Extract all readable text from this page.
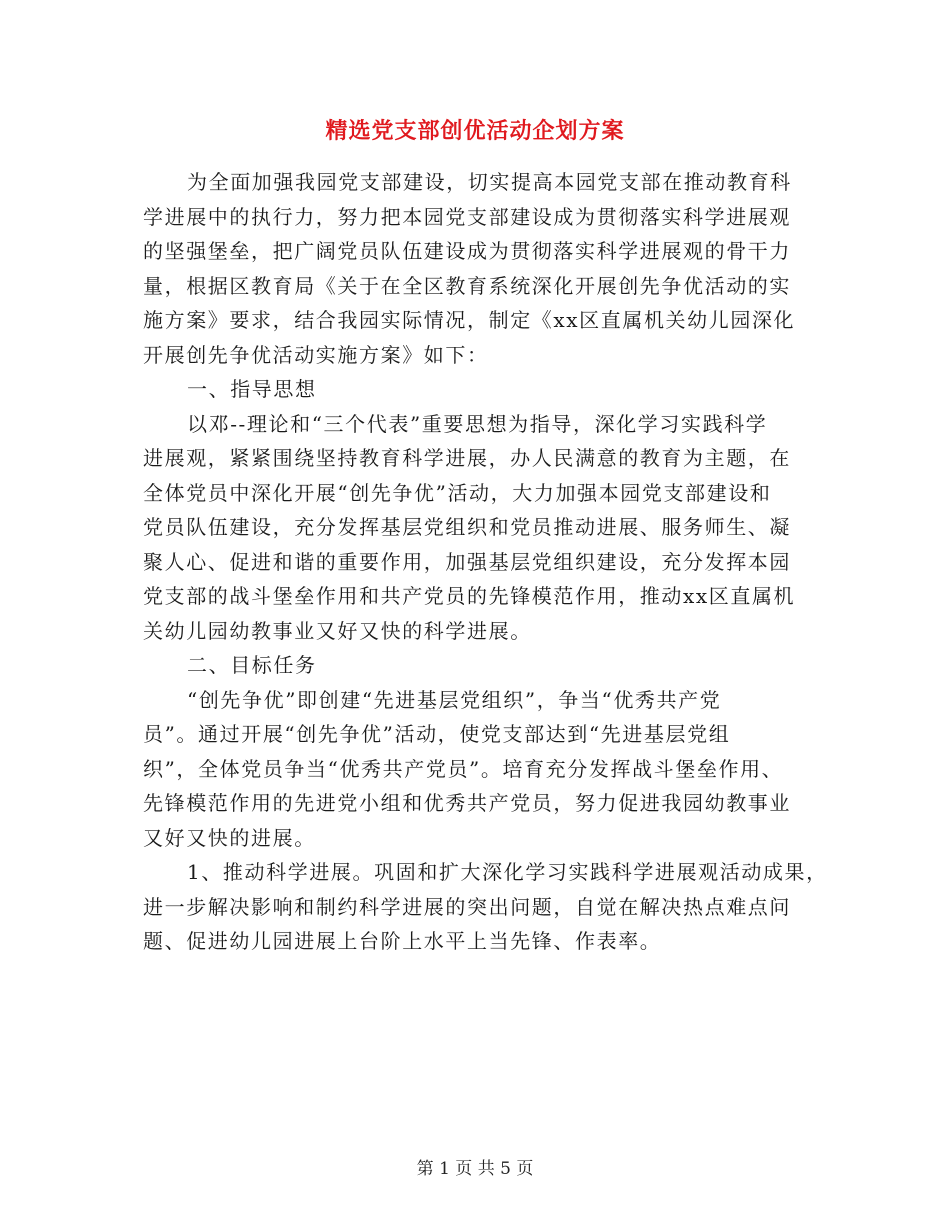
精选党支部创优活动企划方案
为全面加强我园党支部建设，切实提高本园党支部在推动教育科
学进展中的执行力，努力把本园党支部建设成为贯彻落实科学进展观
的坚强堡垒，把广阔党员队伍建设成为贯彻落实科学进展观的骨干力
量，根据区教育局《关于在全区教育系统深化开展创先争优活动的实
施方案》要求，结合我园实际情况，制定《xx区直属机关幼儿园深化
开展创先争优活动实施方案》如下：
一、指导思想
以邓--理论和“三个代表”重要思想为指导，深化学习实践科学
进展观，紧紧围绕坚持教育科学进展，办人民满意的教育为主题，在
全体党员中深化开展“创先争优”活动，大力加强本园党支部建设和
党员队伍建设，充分发挥基层党组织和党员推动进展、服务师生、凝
聚人心、促进和谐的重要作用，加强基层党组织建设，充分发挥本园
党支部的战斗堡垒作用和共产党员的先锋模范作用，推动xx区直属机
关幼儿园幼教事业又好又快的科学进展。
二、目标任务
“创先争优”即创建“先进基层党组织”，争当“优秀共产党
员”。通过开展“创先争优”活动，使党支部达到“先进基层党组
织”，全体党员争当“优秀共产党员”。培育充分发挥战斗堡垒作用、
先锋模范作用的先进党小组和优秀共产党员，努力促进我园幼教事业
又好又快的进展。
1、推动科学进展。巩固和扩大深化学习实践科学进展观活动成果，
进一步解决影响和制约科学进展的突出问题，自觉在解决热点难点问
题、促进幼儿园进展上台阶上水平上当先锋、作表率。
第 1 页 共 5 页
